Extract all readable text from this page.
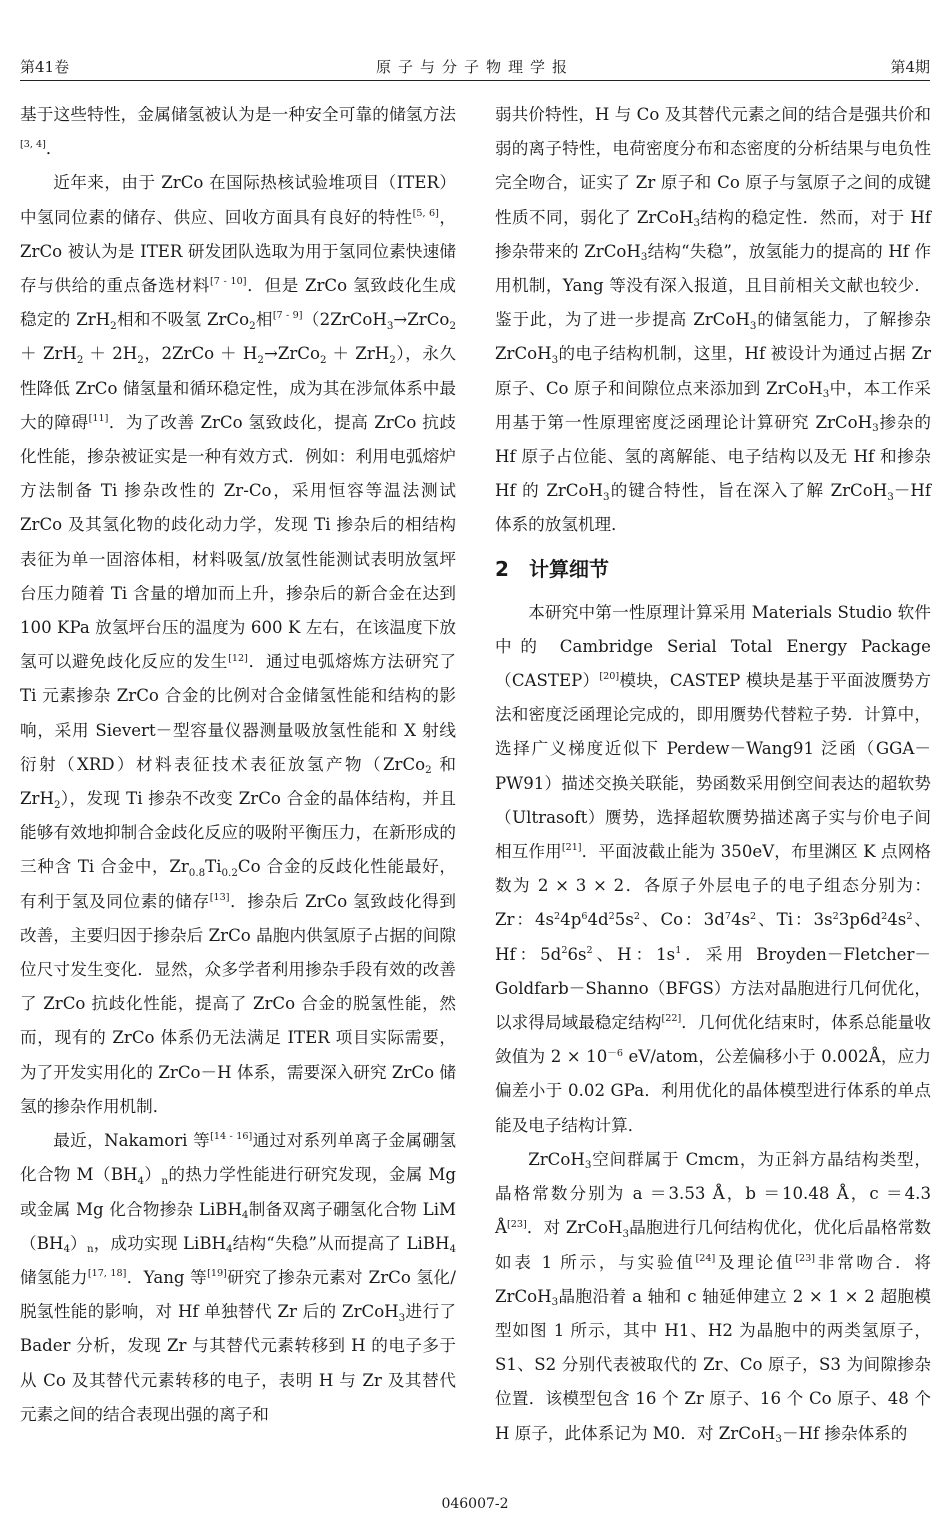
第41卷	原子与分子物理学报	第4期

基于这些特性，金属储氢被认为是一种安全可靠的储氢方法[3, 4]．

近年来，由于 ZrCo 在国际热核试验堆项目（ITER）中氢同位素的储存、供应、回收方面具有良好的特性[5, 6]，ZrCo 被认为是 ITER 研发团队选取为用于氢同位素快速储存与供给的重点备选材料[7 - 10]．但是 ZrCo 氢致歧化生成稳定的 ZrH$_2$相和不吸氢 ZrCo$_2$相[7 - 9]（2ZrCoH$_3$→ZrCo$_2$ ＋ $ZrH_2 + 2H_2$，2ZrCo ＋ $H_2\to ZrCo_2 + ZrH_2$），永久性降低 ZrCo 储氢量和循环稳定性，成为其在涉氚体系中最大的障碍[11]．为了改善 ZrCo 氢致歧化，提高 ZrCo 抗歧化性能，掺杂被证实是一种有效方式．例如：利用电弧熔炉方法制备 Ti 掺杂改性的 Zr-Co，采用恒容等温法测试 ZrCo 及其氢化物的歧化动力学，发现 Ti 掺杂后的相结构表征为单一固溶体相，材料吸氢/放氢性能测试表明放氢坪台压力随着 Ti 含量的增加而上升，掺杂后的新合金在达到 100 KPa 放氢坪台压的温度为 600 K 左右，在该温度下放氢可以避免歧化反应的发生[12]．通过电弧熔炼方法研究了 Ti 元素掺杂 ZrCo 合金的比例对合金储氢性能和结构的影响，采用 Sievert－型容量仪器测量吸放氢性能和 X 射线衍射（XRD）材料表征技术表征放氢产物（ZrCo$_2$ 和 ZrH$_2$），发现 Ti 掺杂不改变 ZrCo 合金的晶体结构，并且能够有效地抑制合金歧化反应的吸附平衡压力，在新形成的三种含 Ti 合金中，$Zr_{0.8}Ti_{0.2}Co$ 合金的反歧化性能最好，有利于氢及同位素的储存[13]．掺杂后 ZrCo 氢致歧化得到改善，主要归因于掺杂后 ZrCo 晶胞内供氢原子占据的间隙位尺寸发生变化．显然，众多学者利用掺杂手段有效的改善了 ZrCo 抗歧化性能，提高了 ZrCo 合金的脱氢性能，然而，现有的 ZrCo 体系仍无法满足 ITER 项目实际需要，为了开发实用化的 ZrCo－H 体系，需要深入研究 ZrCo 储氢的掺杂作用机制．

最近，Nakamori 等[14 - 16]通过对系列单离子金属硼氢化合物 $M(BH_4)_n$的热力学性能进行研究发现，金属 Mg 或金属 Mg 化合物掺杂 LiBH$_4$制备双离子硼氢化合物 $LiM(BH_4)_n$，成功实现 LiBH$_4$结构“失稳”从而提高了 LiBH$_4$储氢能力[17, 18]．Yang 等[19]研究了掺杂元素对 ZrCo 氢化/脱氢性能的影响，对 Hf 单独替代 Zr 后的 ZrCoH$_3$进行了 Bader 分析，发现 Zr 与其替代元素转移到 H 的电子多于从 Co 及其替代元素转移的电子，表明 H 与 Zr 及其替代元素之间的结合表现出强的离子和

弱共价特性，H 与 Co 及其替代元素之间的结合是强共价和弱的离子特性，电荷密度分布和态密度的分析结果与电负性完全吻合，证实了 Zr 原子和 Co 原子与氢原子之间的成键性质不同，弱化了 ZrCoH$_3$结构的稳定性．然而，对于 Hf 掺杂带来的 ZrCoH$_3$结构“失稳”，放氢能力的提高的 Hf 作用机制，Yang 等没有深入报道，且目前相关文献也较少．鉴于此，为了进一步提高 ZrCoH$_3$的储氢能力，了解掺杂 ZrCoH$_3$的电子结构机制，这里，Hf 被设计为通过占据 Zr 原子、Co 原子和间隙位点来添加到 ZrCoH$_3$中，本工作采用基于第一性原理密度泛函理论计算研究 ZrCoH$_3$掺杂的 Hf 原子占位能、氢的离解能、电子结构以及无 Hf 和掺杂 Hf 的 ZrCoH$_3$的键合特性，旨在深入了解 ZrCoH$_3$－Hf 体系的放氢机理．

2 计算细节

本研究中第一性原理计算采用 Materials Studio 软件中的 Cambridge Serial Total Energy Package（CASTEP）[20]模块，CASTEP 模块是基于平面波赝势方法和密度泛函理论完成的，即用赝势代替粒子势．计算中，选择广义梯度近似下 Perdew－Wang91 泛函（GGA－PW91）描述交换关联能，势函数采用倒空间表达的超软势（Ultrasoft）赝势，选择超软赝势描述离子实与价电子间相互作用[21]．平面波截止能为 350eV，布里渊区 K 点网格数为 2 × 3 × 2．各原子外层电子的电子组态分别为：Zr：$4s^24p^64d^25s^2$、Co：$3d^74s^2$、Ti：$3s^23p6d^24s^2$、Hf：$5d^26s^2$、H：$1s^1$．采用 Broyden－Fletcher－Goldfarb－Shanno（BFGS）方法对晶胞进行几何优化，以求得局域最稳定结构[22]．几何优化结束时，体系总能量收敛值为 $2 \times 10^{-6}$ eV/atom，公差偏移小于 0.002Å，应力偏差小于 0.02 GPa．利用优化的晶体模型进行体系的单点能及电子结构计算．

ZrCoH$_3$空间群属于 Cmcm，为正斜方晶结构类型，晶格常数分别为 a ＝3.53 Å，b ＝10.48 Å，c ＝4.3 Å[23]．对 ZrCoH$_3$晶胞进行几何结构优化，优化后晶格常数如表 1 所示，与实验值[24]及理论值[23]非常吻合．将 ZrCoH$_3$晶胞沿着 a 轴和 c 轴延伸建立 2 × 1 × 2 超胞模型如图 1 所示，其中 H1、H2 为晶胞中的两类氢原子，S1、S2 分别代表被取代的 Zr、Co 原子，S3 为间隙掺杂位置．该模型包含 16 个 Zr 原子、16 个 Co 原子、48 个 H 原子，此体系记为 M0．对 ZrCoH$_3$－Hf 掺杂体系的

046007-2
